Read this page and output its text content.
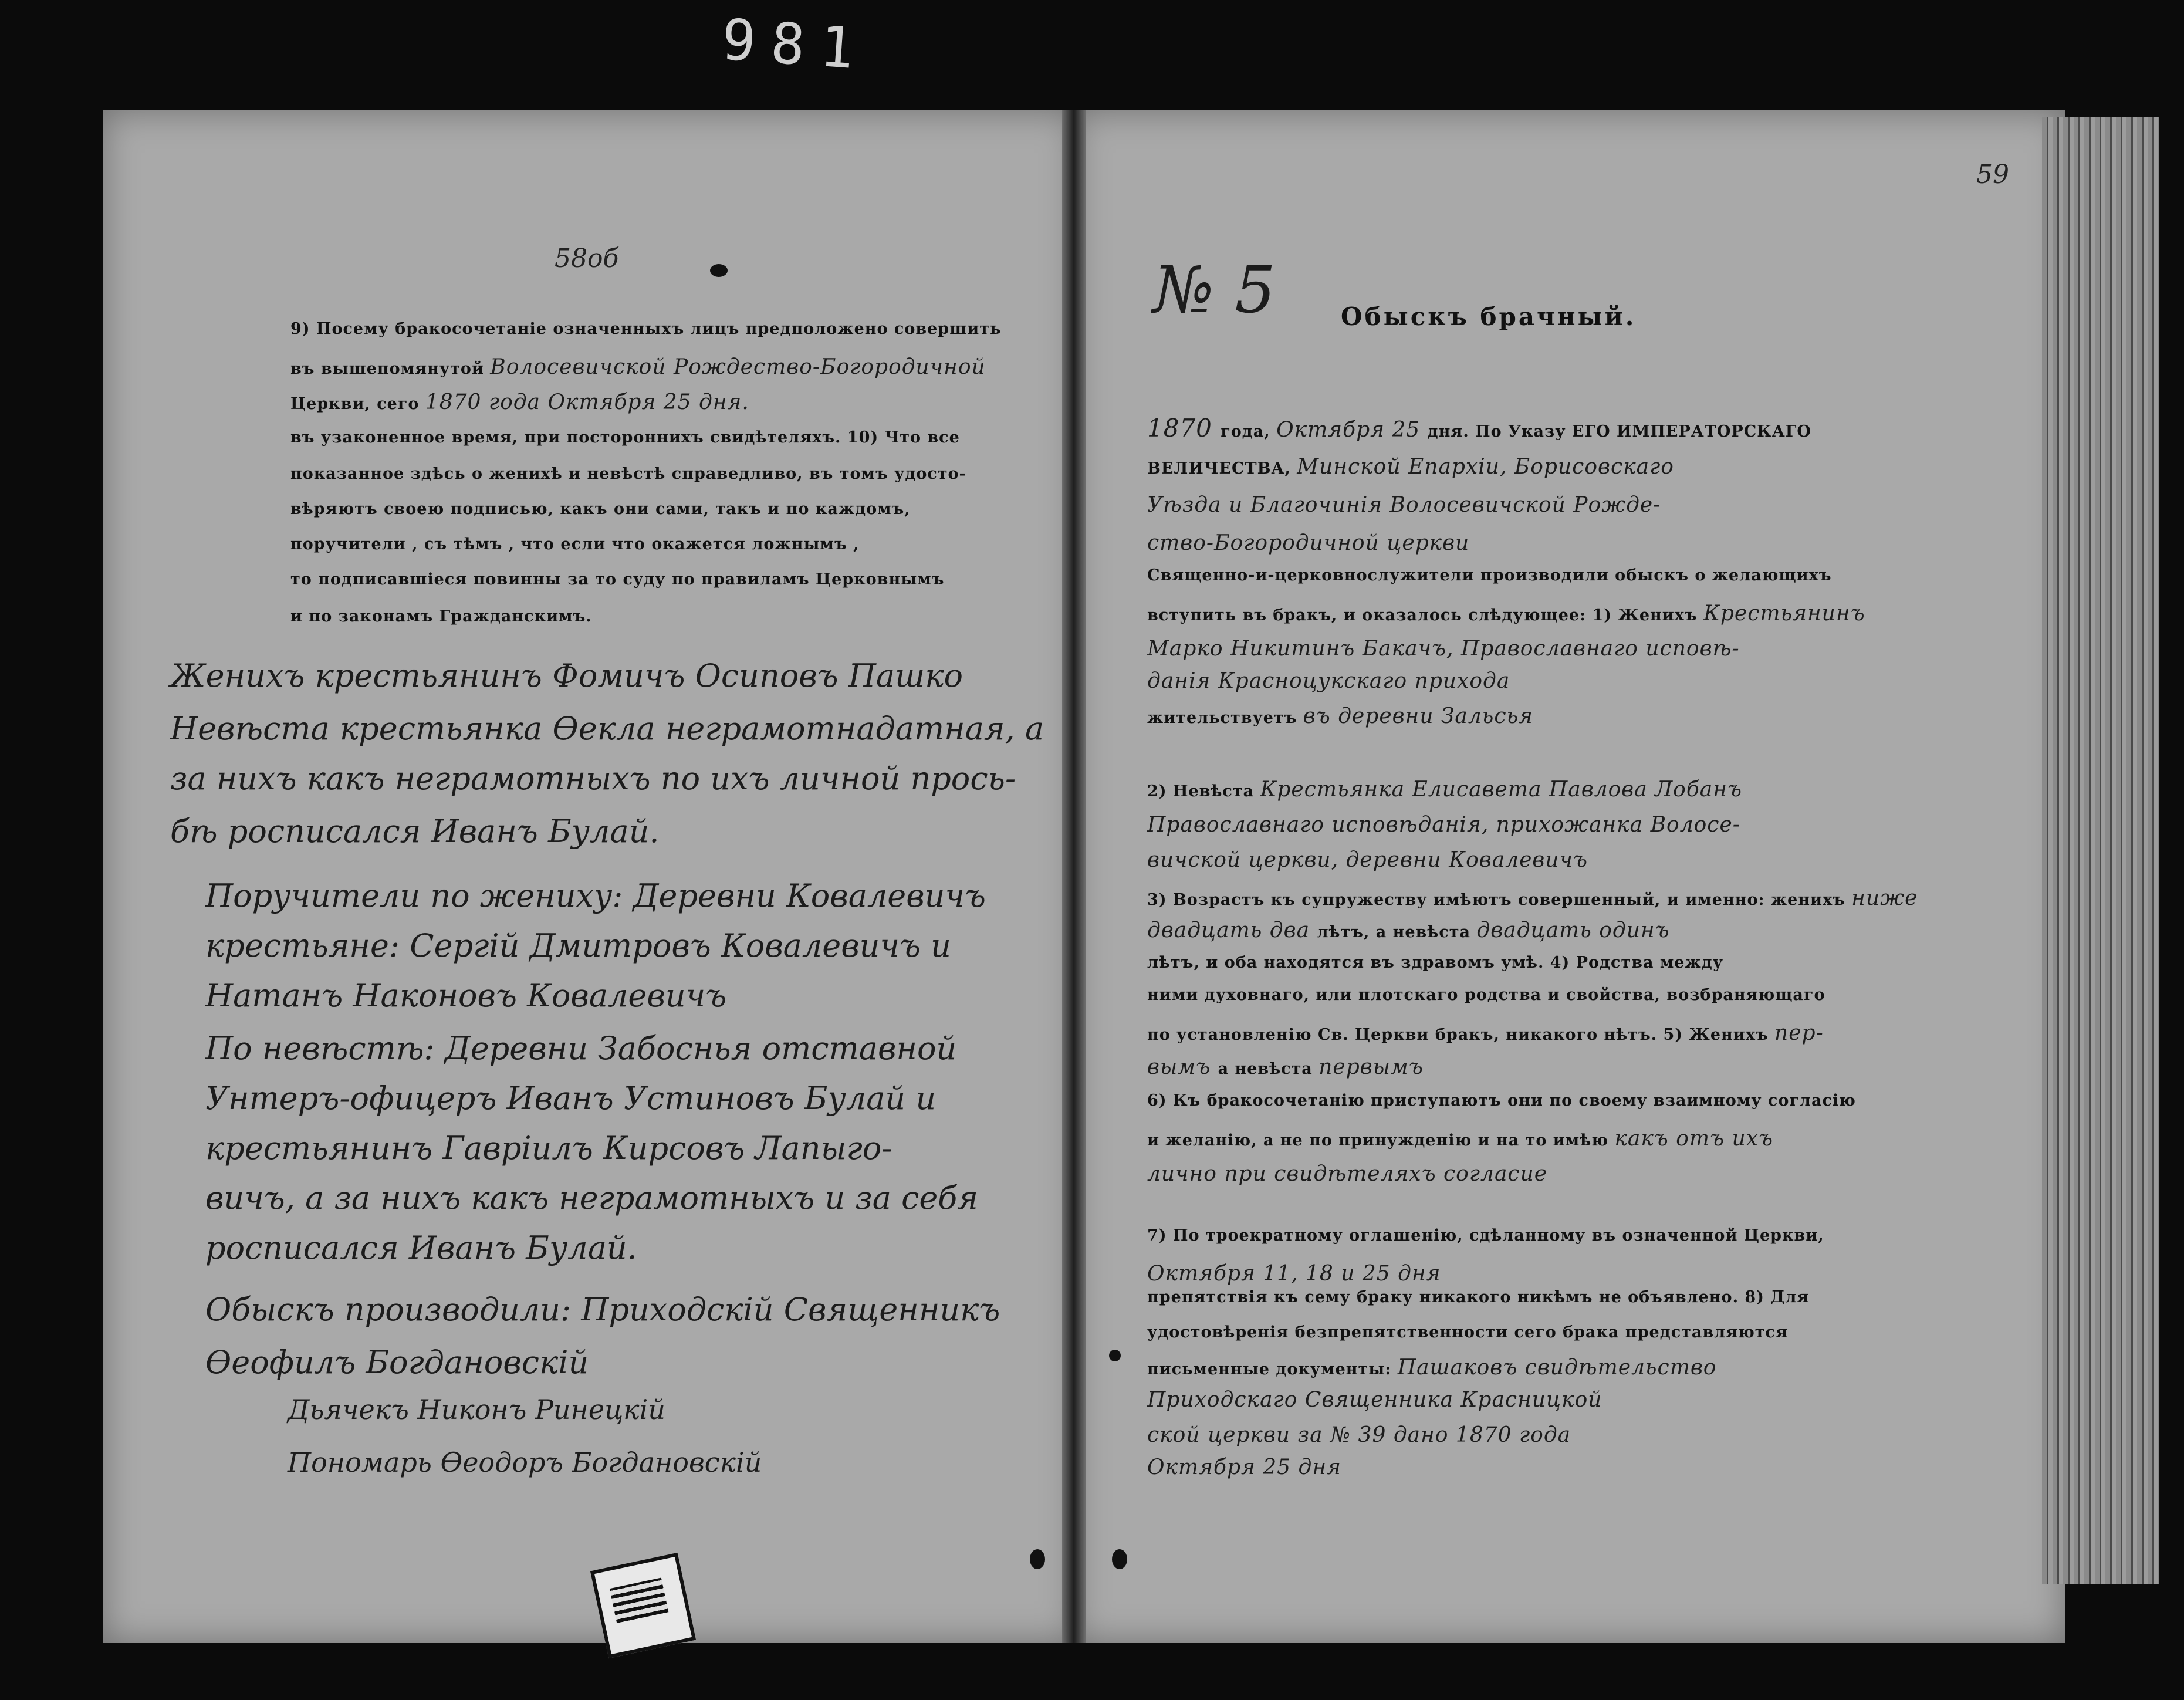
981
58об
9) Посему бракосочетаніе означенныхъ лицъ предположено совершить
въ вышепомянутой Волосевичской Рождество-Богородичной
Церкви, сего 1870 года Октября 25 дня.
въ узаконенное время, при постороннихъ свидѣтеляхъ. 10) Что все
показанное здѣсь о женихѣ и невѣстѣ справедливо, въ томъ удосто-
вѣряютъ своею подписью, какъ они сами, такъ и по каждомъ,
поручители , съ тѣмъ , что если что окажется ложнымъ ,
то подписавшіеся повинны за то суду по правиламъ Церковнымъ
и по законамъ Гражданскимъ.
Женихъ крестьянинъ Фомичъ Осиповъ Пашко
Невѣста крестьянка Ѳекла неграмотнадатная, а
за нихъ какъ неграмотныхъ по ихъ личной прось-
бѣ росписался Иванъ Булай.
Поручители по жениху: Деревни Ковалевичъ
крестьяне: Сергій Дмитровъ Ковалевичъ и
Натанъ Наконовъ Ковалевичъ
По невѣстѣ: Деревни Забоснья отставной
Унтеръ-офицеръ Иванъ Устиновъ Булай и
крестьянинъ Гавріилъ Кирсовъ Лапыго-
вичъ, а за нихъ какъ неграмотныхъ и за себя
росписался Иванъ Булай.
Обыскъ производили: Приходскій Священникъ
Ѳеофилъ Богдановскій
Дьячекъ Никонъ Ринецкій
Пономарь Ѳеодоръ Богдановскій
59
№ 5	Обыскъ брачный.
1870 года, Октября 25 дня. По Указу ЕГО ИМПЕРАТОРСКАГО
ВЕЛИЧЕСТВА, Минской Епархіи, Борисовскаго
Уѣзда и Благочинія Волосевичской Рожде-
ство-Богородичной церкви
Священно-и-церковнослужители производили обыскъ о желающихъ
вступить въ бракъ, и оказалось слѣдующее: 1) Женихъ Крестьянинъ
Марко Никитинъ Бакачъ, Православнаго исповѣ-
данія Красноцукскаго прихода
жительствуетъ въ деревни Зальсья
2) Невѣста Крестьянка Елисавета Павлова Лобанъ
Православнаго исповѣданія, прихожанка Волосе-
вичской церкви, деревни Ковалевичъ
3) Возрастъ къ супружеству имѣютъ совершенный, и именно: женихъ ниже
двадцать два лѣтъ, а невѣста двадцать одинъ
лѣтъ, и оба находятся въ здравомъ умѣ. 4) Родства между
ними духовнаго, или плотскаго родства и свойства, возбраняющаго
по установленію Св. Церкви бракъ, никакого нѣтъ. 5) Женихъ пер-
вымъ а невѣста первымъ
6) Къ бракосочетанію приступаютъ они по своему взаимному согласію
и желанію, а не по принужденію и на то имѣю какъ отъ ихъ
лично при свидѣтеляхъ согласие
7) По троекратному оглашенію, сдѣланному въ означенной Церкви,
Октября 11, 18 и 25 дня
препятствія къ сему браку никакого никѣмъ не объявлено. 8) Для
удостовѣренія безпрепятственности сего брака представляются
письменные документы: Пашаковъ свидѣтельство
Приходскаго Священника Красницкой
ской церкви за № 39 дано 1870 года
Октября 25 дня
